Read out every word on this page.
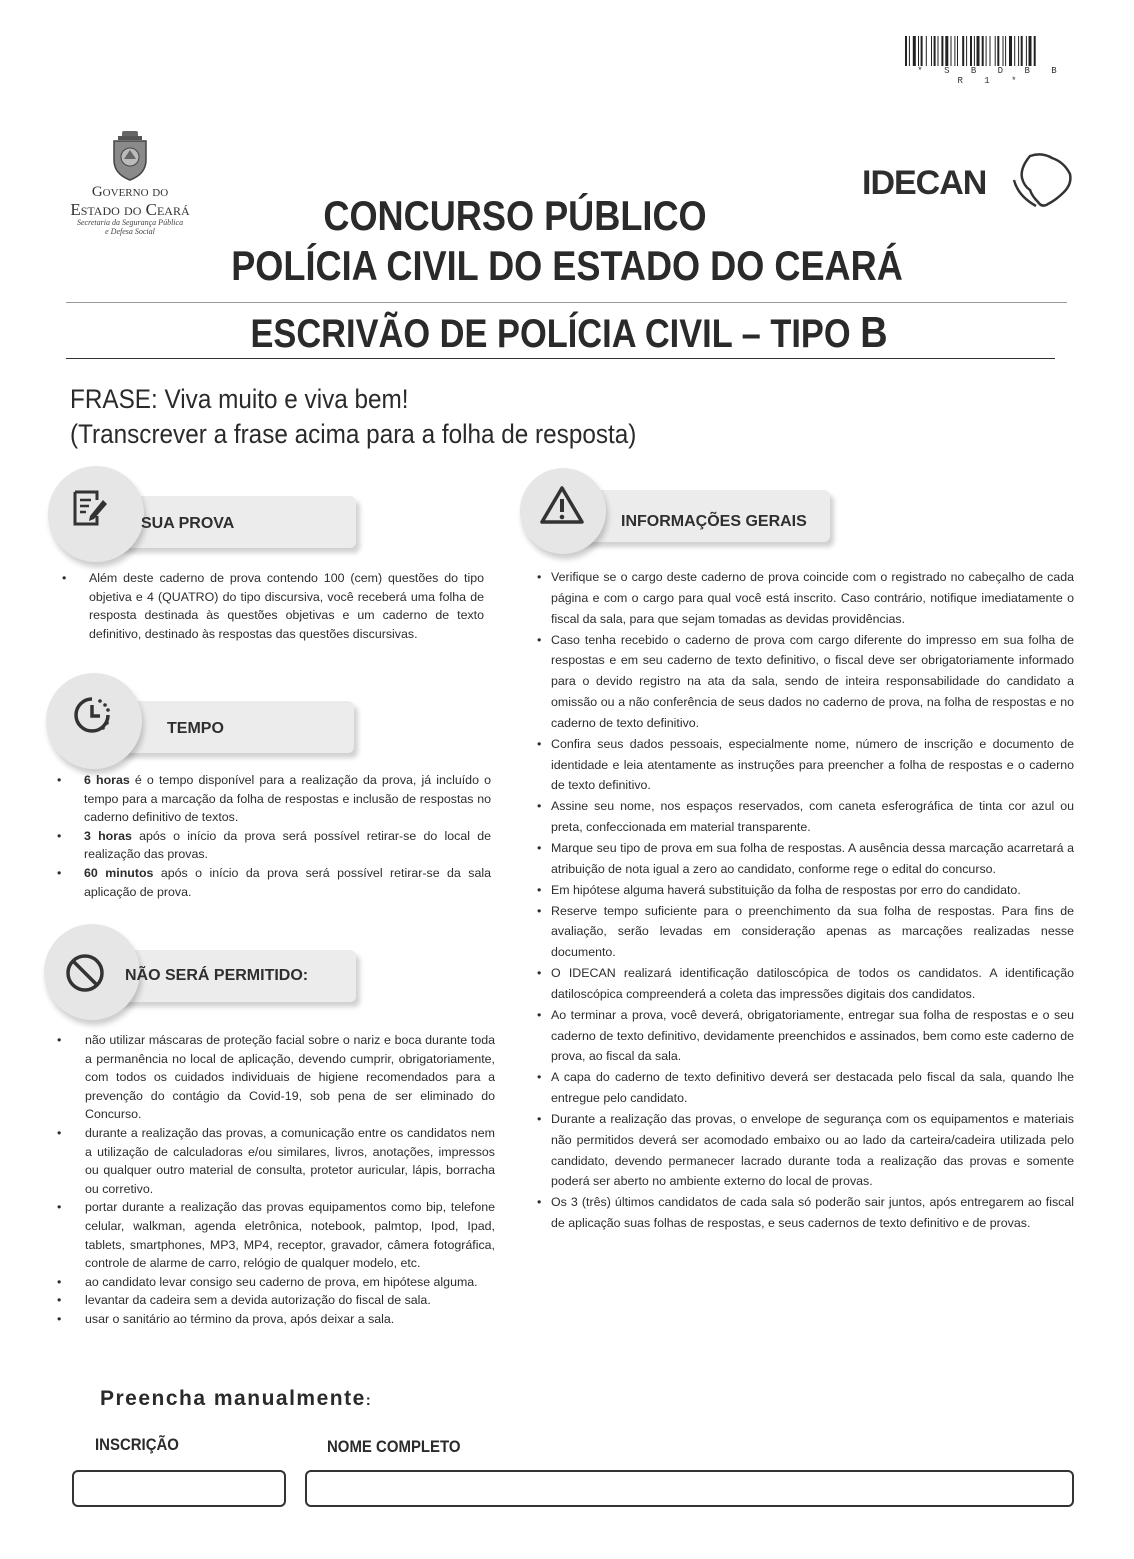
* S B D B B R 1 *
Governo do
Estado do Ceará
Secretaria da Segurança Pública
e Defesa Social
IDECAN
CONCURSO PÚBLICO
POLÍCIA CIVIL DO ESTADO DO CEARÁ
ESCRIVÃO DE POLÍCIA CIVIL – TIPO B
FRASE: Viva muito e viva bem!
(Transcrever a frase acima para a folha de resposta)
SUA PROVA
• Além deste caderno de prova contendo 100 (cem) questões do tipo objetiva e 4 (QUATRO) do tipo discursiva, você receberá uma folha de resposta destinada às questões objetivas e um caderno de texto definitivo, destinado às respostas das questões discursivas.
TEMPO
• 6 horas é o tempo disponível para a realização da prova, já incluído o tempo para a marcação da folha de respostas e inclusão de respostas no caderno definitivo de textos.
• 3 horas após o início da prova será possível retirar-se do local de realização das provas.
• 60 minutos após o início da prova será possível retirar-se da sala aplicação de prova.
NÃO SERÁ PERMITIDO:
• não utilizar máscaras de proteção facial sobre o nariz e boca durante toda a permanência no local de aplicação, devendo cumprir, obrigatoriamente, com todos os cuidados individuais de higiene recomendados para a prevenção do contágio da Covid-19, sob pena de ser eliminado do Concurso.
• durante a realização das provas, a comunicação entre os candidatos nem a utilização de calculadoras e/ou similares, livros, anotações, impressos ou qualquer outro material de consulta, protetor auricular, lápis, borracha ou corretivo.
• portar durante a realização das provas equipamentos como bip, telefone celular, walkman, agenda eletrônica, notebook, palmtop, Ipod, Ipad, tablets, smartphones, MP3, MP4, receptor, gravador, câmera fotográfica, controle de alarme de carro, relógio de qualquer modelo, etc.
• ao candidato levar consigo seu caderno de prova, em hipótese alguma.
• levantar da cadeira sem a devida autorização do fiscal de sala.
• usar o sanitário ao término da prova, após deixar a sala.
INFORMAÇÕES GERAIS
• Verifique se o cargo deste caderno de prova coincide com o registrado no cabeçalho de cada página e com o cargo para qual você está inscrito. Caso contrário, notifique imediatamente o fiscal da sala, para que sejam tomadas as devidas providências.
• Caso tenha recebido o caderno de prova com cargo diferente do impresso em sua folha de respostas e em seu caderno de texto definitivo, o fiscal deve ser obrigatoriamente informado para o devido registro na ata da sala, sendo de inteira responsabilidade do candidato a omissão ou a não conferência de seus dados no caderno de prova, na folha de respostas e no caderno de texto definitivo.
• Confira seus dados pessoais, especialmente nome, número de inscrição e documento de identidade e leia atentamente as instruções para preencher a folha de respostas e o caderno de texto definitivo.
• Assine seu nome, nos espaços reservados, com caneta esferográfica de tinta cor azul ou preta, confeccionada em material transparente.
• Marque seu tipo de prova em sua folha de respostas. A ausência dessa marcação acarretará a atribuição de nota igual a zero ao candidato, conforme rege o edital do concurso.
• Em hipótese alguma haverá substituição da folha de respostas por erro do candidato.
• Reserve tempo suficiente para o preenchimento da sua folha de respostas. Para fins de avaliação, serão levadas em consideração apenas as marcações realizadas nesse documento.
• O IDECAN realizará identificação datiloscópica de todos os candidatos. A identificação datiloscópica compreenderá a coleta das impressões digitais dos candidatos.
• Ao terminar a prova, você deverá, obrigatoriamente, entregar sua folha de respostas e o seu caderno de texto definitivo, devidamente preenchidos e assinados, bem como este caderno de prova, ao fiscal da sala.
• A capa do caderno de texto definitivo deverá ser destacada pelo fiscal da sala, quando lhe entregue pelo candidato.
• Durante a realização das provas, o envelope de segurança com os equipamentos e materiais não permitidos deverá ser acomodado embaixo ou ao lado da carteira/cadeira utilizada pelo candidato, devendo permanecer lacrado durante toda a realização das provas e somente poderá ser aberto no ambiente externo do local de provas.
• Os 3 (três) últimos candidatos de cada sala só poderão sair juntos, após entregarem ao fiscal de aplicação suas folhas de respostas, e seus cadernos de texto definitivo e de provas.
Preencha manualmente:
INSCRIÇÃO	NOME COMPLETO
